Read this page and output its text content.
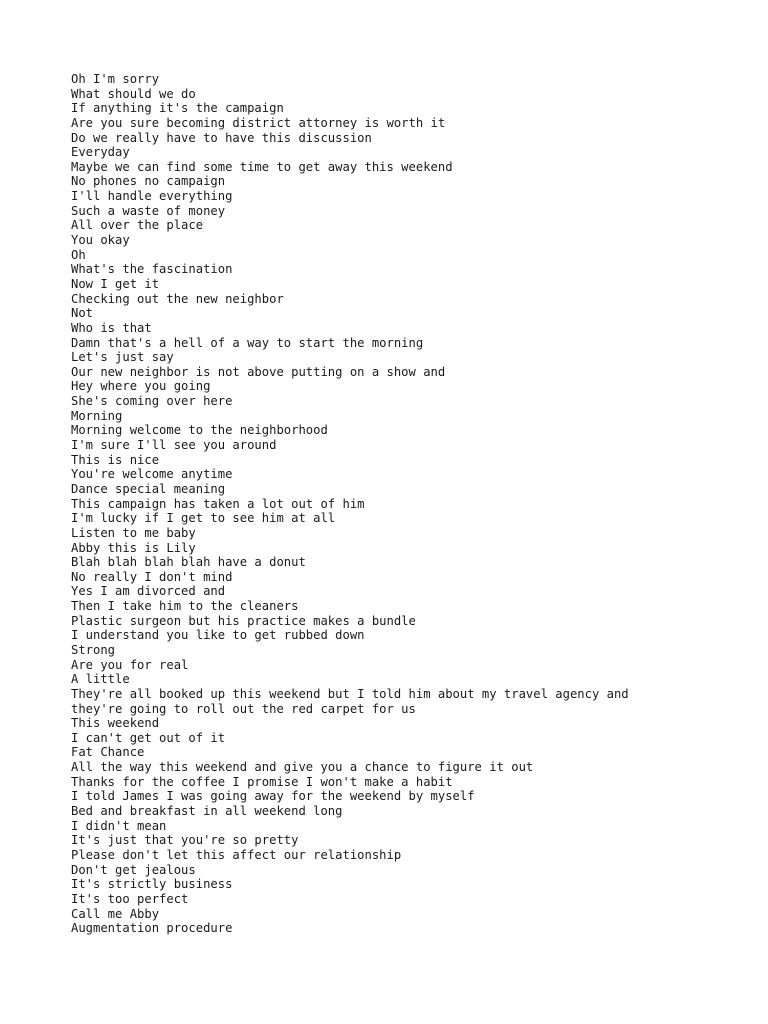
Oh I'm sorry
What should we do
If anything it's the campaign
Are you sure becoming district attorney is worth it
Do we really have to have this discussion
Everyday
Maybe we can find some time to get away this weekend
No phones no campaign
I'll handle everything
Such a waste of money
All over the place
You okay
Oh
What's the fascination
Now I get it
Checking out the new neighbor
Not
Who is that
Damn that's a hell of a way to start the morning
Let's just say
Our new neighbor is not above putting on a show and
Hey where you going
She's coming over here
Morning
Morning welcome to the neighborhood
I'm sure I'll see you around
This is nice
You're welcome anytime
Dance special meaning
This campaign has taken a lot out of him
I'm lucky if I get to see him at all
Listen to me baby
Abby this is Lily
Blah blah blah blah have a donut
No really I don't mind
Yes I am divorced and
Then I take him to the cleaners
Plastic surgeon but his practice makes a bundle
I understand you like to get rubbed down
Strong
Are you for real
A little
They're all booked up this weekend but I told him about my travel agency and
they're going to roll out the red carpet for us
This weekend
I can't get out of it
Fat Chance
All the way this weekend and give you a chance to figure it out
Thanks for the coffee I promise I won't make a habit
I told James I was going away for the weekend by myself
Bed and breakfast in all weekend long
I didn't mean
It's just that you're so pretty
Please don't let this affect our relationship
Don't get jealous
It's strictly business
It's too perfect
Call me Abby
Augmentation procedure
